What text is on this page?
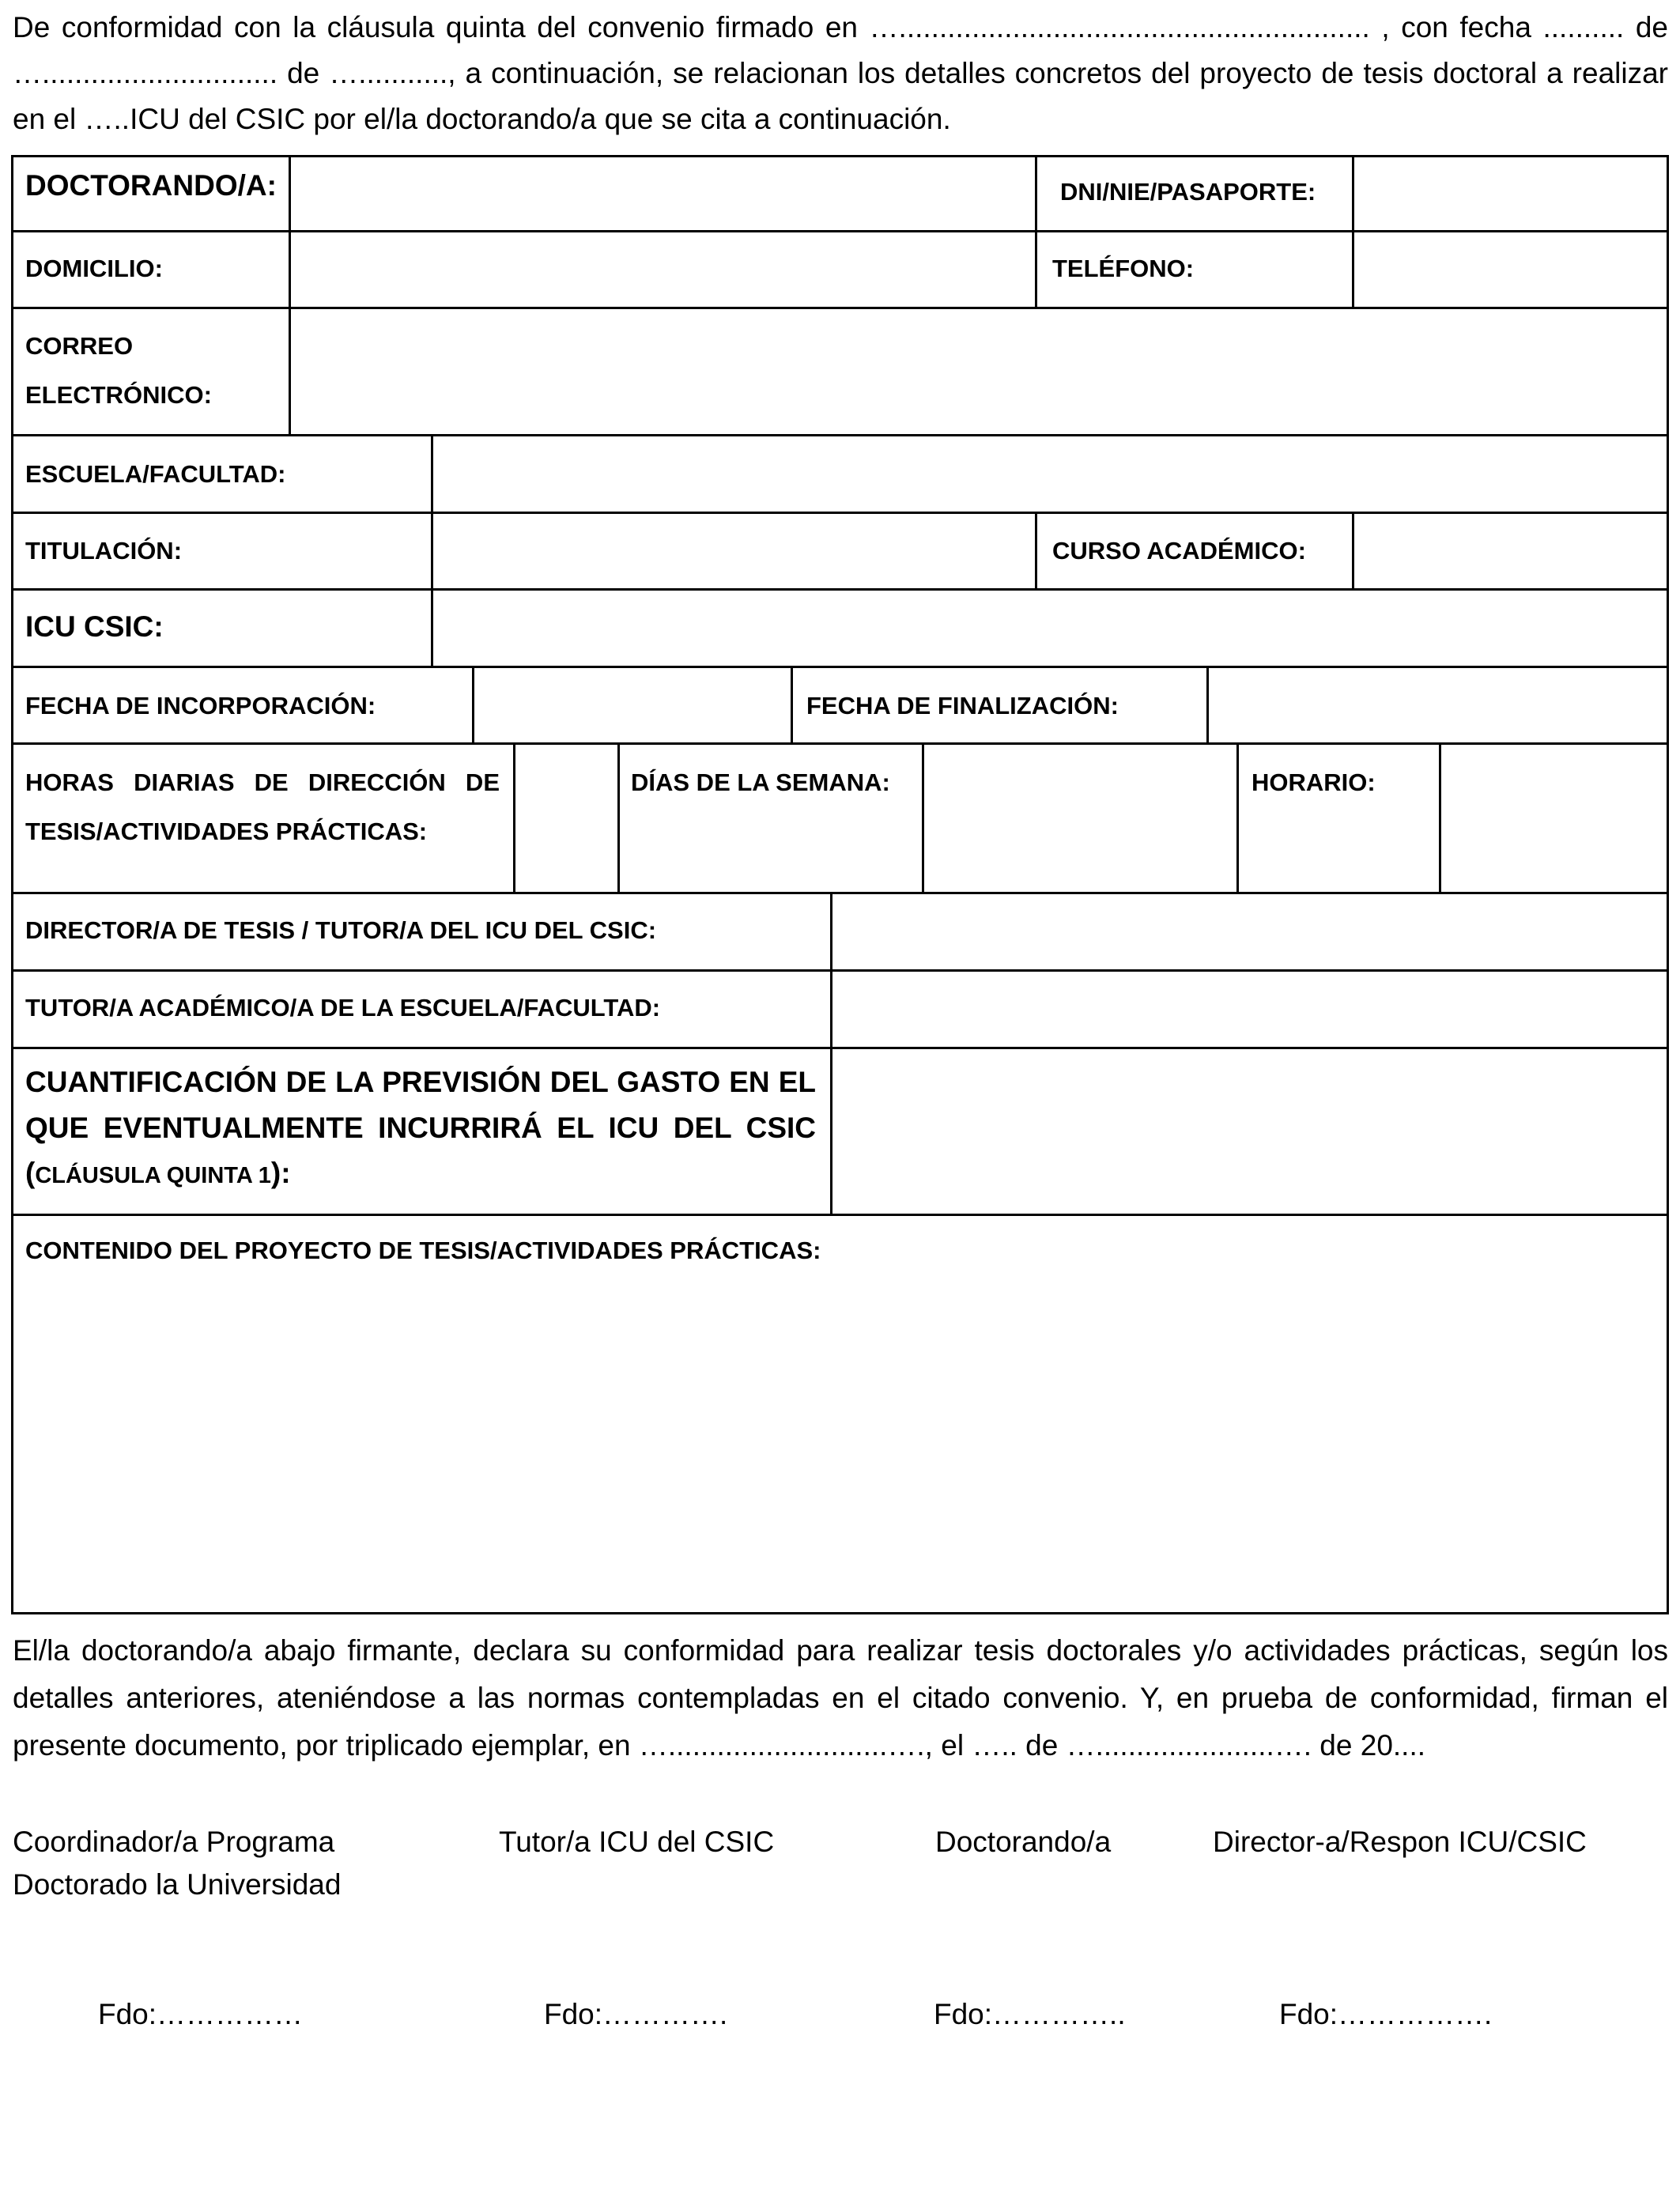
De conformidad con la cláusula quinta del convenio firmado en ….......................................................... , con fecha .......... de …............................. de …..........., a continuación, se relacionan los detalles concretos del proyecto de tesis doctoral a realizar en el …..ICU del CSIC por el/la doctorando/a que se cita a continuación.

DOCTORANDO/A:	DNI/NIE/PASAPORTE:
DOMICILIO:	TELÉFONO:
CORREO
ELECTRÓNICO:
ESCUELA/FACULTAD:
TITULACIÓN:	CURSO ACADÉMICO:
ICU CSIC:
FECHA DE INCORPORACIÓN:	FECHA DE FINALIZACIÓN:
HORAS DIARIAS DE DIRECCIÓN DE
TESIS/ACTIVIDADES PRÁCTICAS:
DÍAS DE LA SEMANA:	HORARIO:
DIRECTOR/A DE TESIS / TUTOR/A DEL ICU DEL CSIC:
TUTOR/A ACADÉMICO/A DE LA ESCUELA/FACULTAD:
CUANTIFICACIÓN DE LA PREVISIÓN DEL GASTO EN EL
QUE EVENTUALMENTE INCURRIRÁ EL ICU DEL CSIC
(CLÁUSULA QUINTA 1):
CONTENIDO DEL PROYECTO DE TESIS/ACTIVIDADES PRÁCTICAS:

El/la doctorando/a abajo firmante, declara su conformidad para realizar tesis doctorales y/o actividades prácticas, según los detalles anteriores, ateniéndose a las normas contempladas en el citado convenio. Y, en prueba de conformidad, firman el presente documento, por triplicado ejemplar, en …...........................…., el ….. de …......................…. de 20....

Coordinador/a Programa
Doctorado la Universidad
Tutor/a ICU del CSIC	Doctorando/a	Director-a/Respon ICU/CSIC
Fdo:……………	Fdo:………….	Fdo:…………..	Fdo:…………….
